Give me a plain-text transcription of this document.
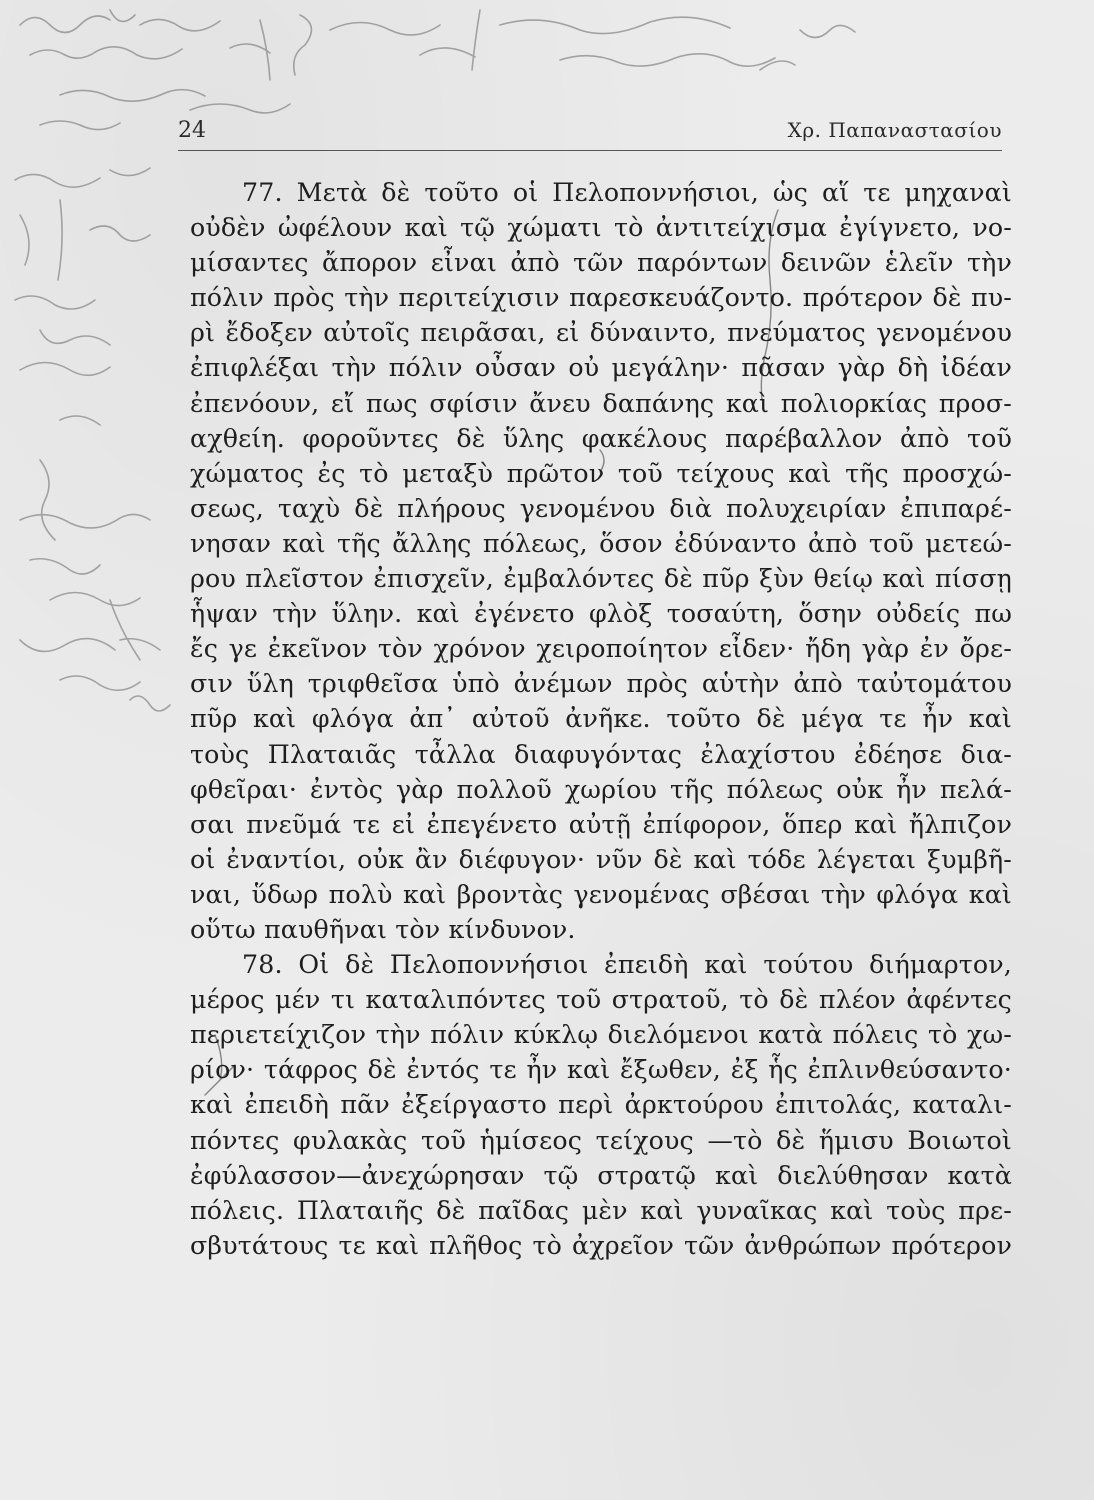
24	Χρ. Παπαναστασίου
77. Μετὰ δὲ τοῦτο οἱ Πελοποννήσιοι, ὡς αἵ τε μηχαναὶ
οὐδὲν ὠφέλουν καὶ τῷ χώματι τὸ ἀντιτείχισμα ἐγίγνετο, νο-
μίσαντες ἄπορον εἶναι ἀπὸ τῶν παρόντων δεινῶν ἑλεῖν τὴν
πόλιν πρὸς τὴν περιτείχισιν παρεσκευάζοντο. πρότερον δὲ πυ-
ρὶ ἔδοξεν αὐτοῖς πειρᾶσαι, εἰ δύναιντο, πνεύματος γενομένου
ἐπιφλέξαι τὴν πόλιν οὖσαν οὐ μεγάλην· πᾶσαν γὰρ δὴ ἰδέαν
ἐπενόουν, εἴ πως σφίσιν ἄνευ δαπάνης καὶ πολιορκίας προσ-
αχθείη. φοροῦντες δὲ ὕλης φακέλους παρέβαλλον ἀπὸ τοῦ
χώματος ἐς τὸ μεταξὺ πρῶτον τοῦ τείχους καὶ τῆς προσχώ-
σεως, ταχὺ δὲ πλήρους γενομένου διὰ πολυχειρίαν ἐπιπαρέ-
νησαν καὶ τῆς ἄλλης πόλεως, ὅσον ἐδύναντο ἀπὸ τοῦ μετεώ-
ρου πλεῖστον ἐπισχεῖν, ἐμβαλόντες δὲ πῦρ ξὺν θείῳ καὶ πίσσῃ
ἧψαν τὴν ὕλην. καὶ ἐγένετο φλὸξ τοσαύτη, ὅσην οὐδείς πω
ἔς γε ἐκεῖνον τὸν χρόνον χειροποίητον εἶδεν· ἤδη γὰρ ἐν ὄρε-
σιν ὕλη τριφθεῖσα ὑπὸ ἀνέμων πρὸς αὑτὴν ἀπὸ ταὐτομάτου
πῦρ καὶ φλόγα ἀπ᾽ αὐτοῦ ἀνῆκε. τοῦτο δὲ μέγα τε ἦν καὶ
τοὺς Πλαταιᾶς τἆλλα διαφυγόντας ἐλαχίστου ἐδέησε δια-
φθεῖραι· ἐντὸς γὰρ πολλοῦ χωρίου τῆς πόλεως οὐκ ἦν πελά-
σαι πνεῦμά τε εἰ ἐπεγένετο αὐτῇ ἐπίφορον, ὅπερ καὶ ἤλπιζον
οἱ ἐναντίοι, οὐκ ἂν διέφυγον· νῦν δὲ καὶ τόδε λέγεται ξυμβῆ-
ναι, ὕδωρ πολὺ καὶ βροντὰς γενομένας σβέσαι τὴν φλόγα καὶ
οὕτω παυθῆναι τὸν κίνδυνον.
78. Οἱ δὲ Πελοποννήσιοι ἐπειδὴ καὶ τούτου διήμαρτον,
μέρος μέν τι καταλιπόντες τοῦ στρατοῦ, τὸ δὲ πλέον ἀφέντες
περιετείχιζον τὴν πόλιν κύκλῳ διελόμενοι κατὰ πόλεις τὸ χω-
ρίον· τάφρος δὲ ἐντός τε ἦν καὶ ἔξωθεν, ἐξ ἧς ἐπλινθεύσαντο·
καὶ ἐπειδὴ πᾶν ἐξείργαστο περὶ ἀρκτούρου ἐπιτολάς, καταλι-
πόντες φυλακὰς τοῦ ἡμίσεος τείχους —τὸ δὲ ἥμισυ Βοιωτοὶ
ἐφύλασσον—ἀνεχώρησαν τῷ στρατῷ καὶ διελύθησαν κατὰ
πόλεις. Πλαταιῆς δὲ παῖδας μὲν καὶ γυναῖκας καὶ τοὺς πρε-
σβυτάτους τε καὶ πλῆθος τὸ ἀχρεῖον τῶν ἀνθρώπων πρότερον
